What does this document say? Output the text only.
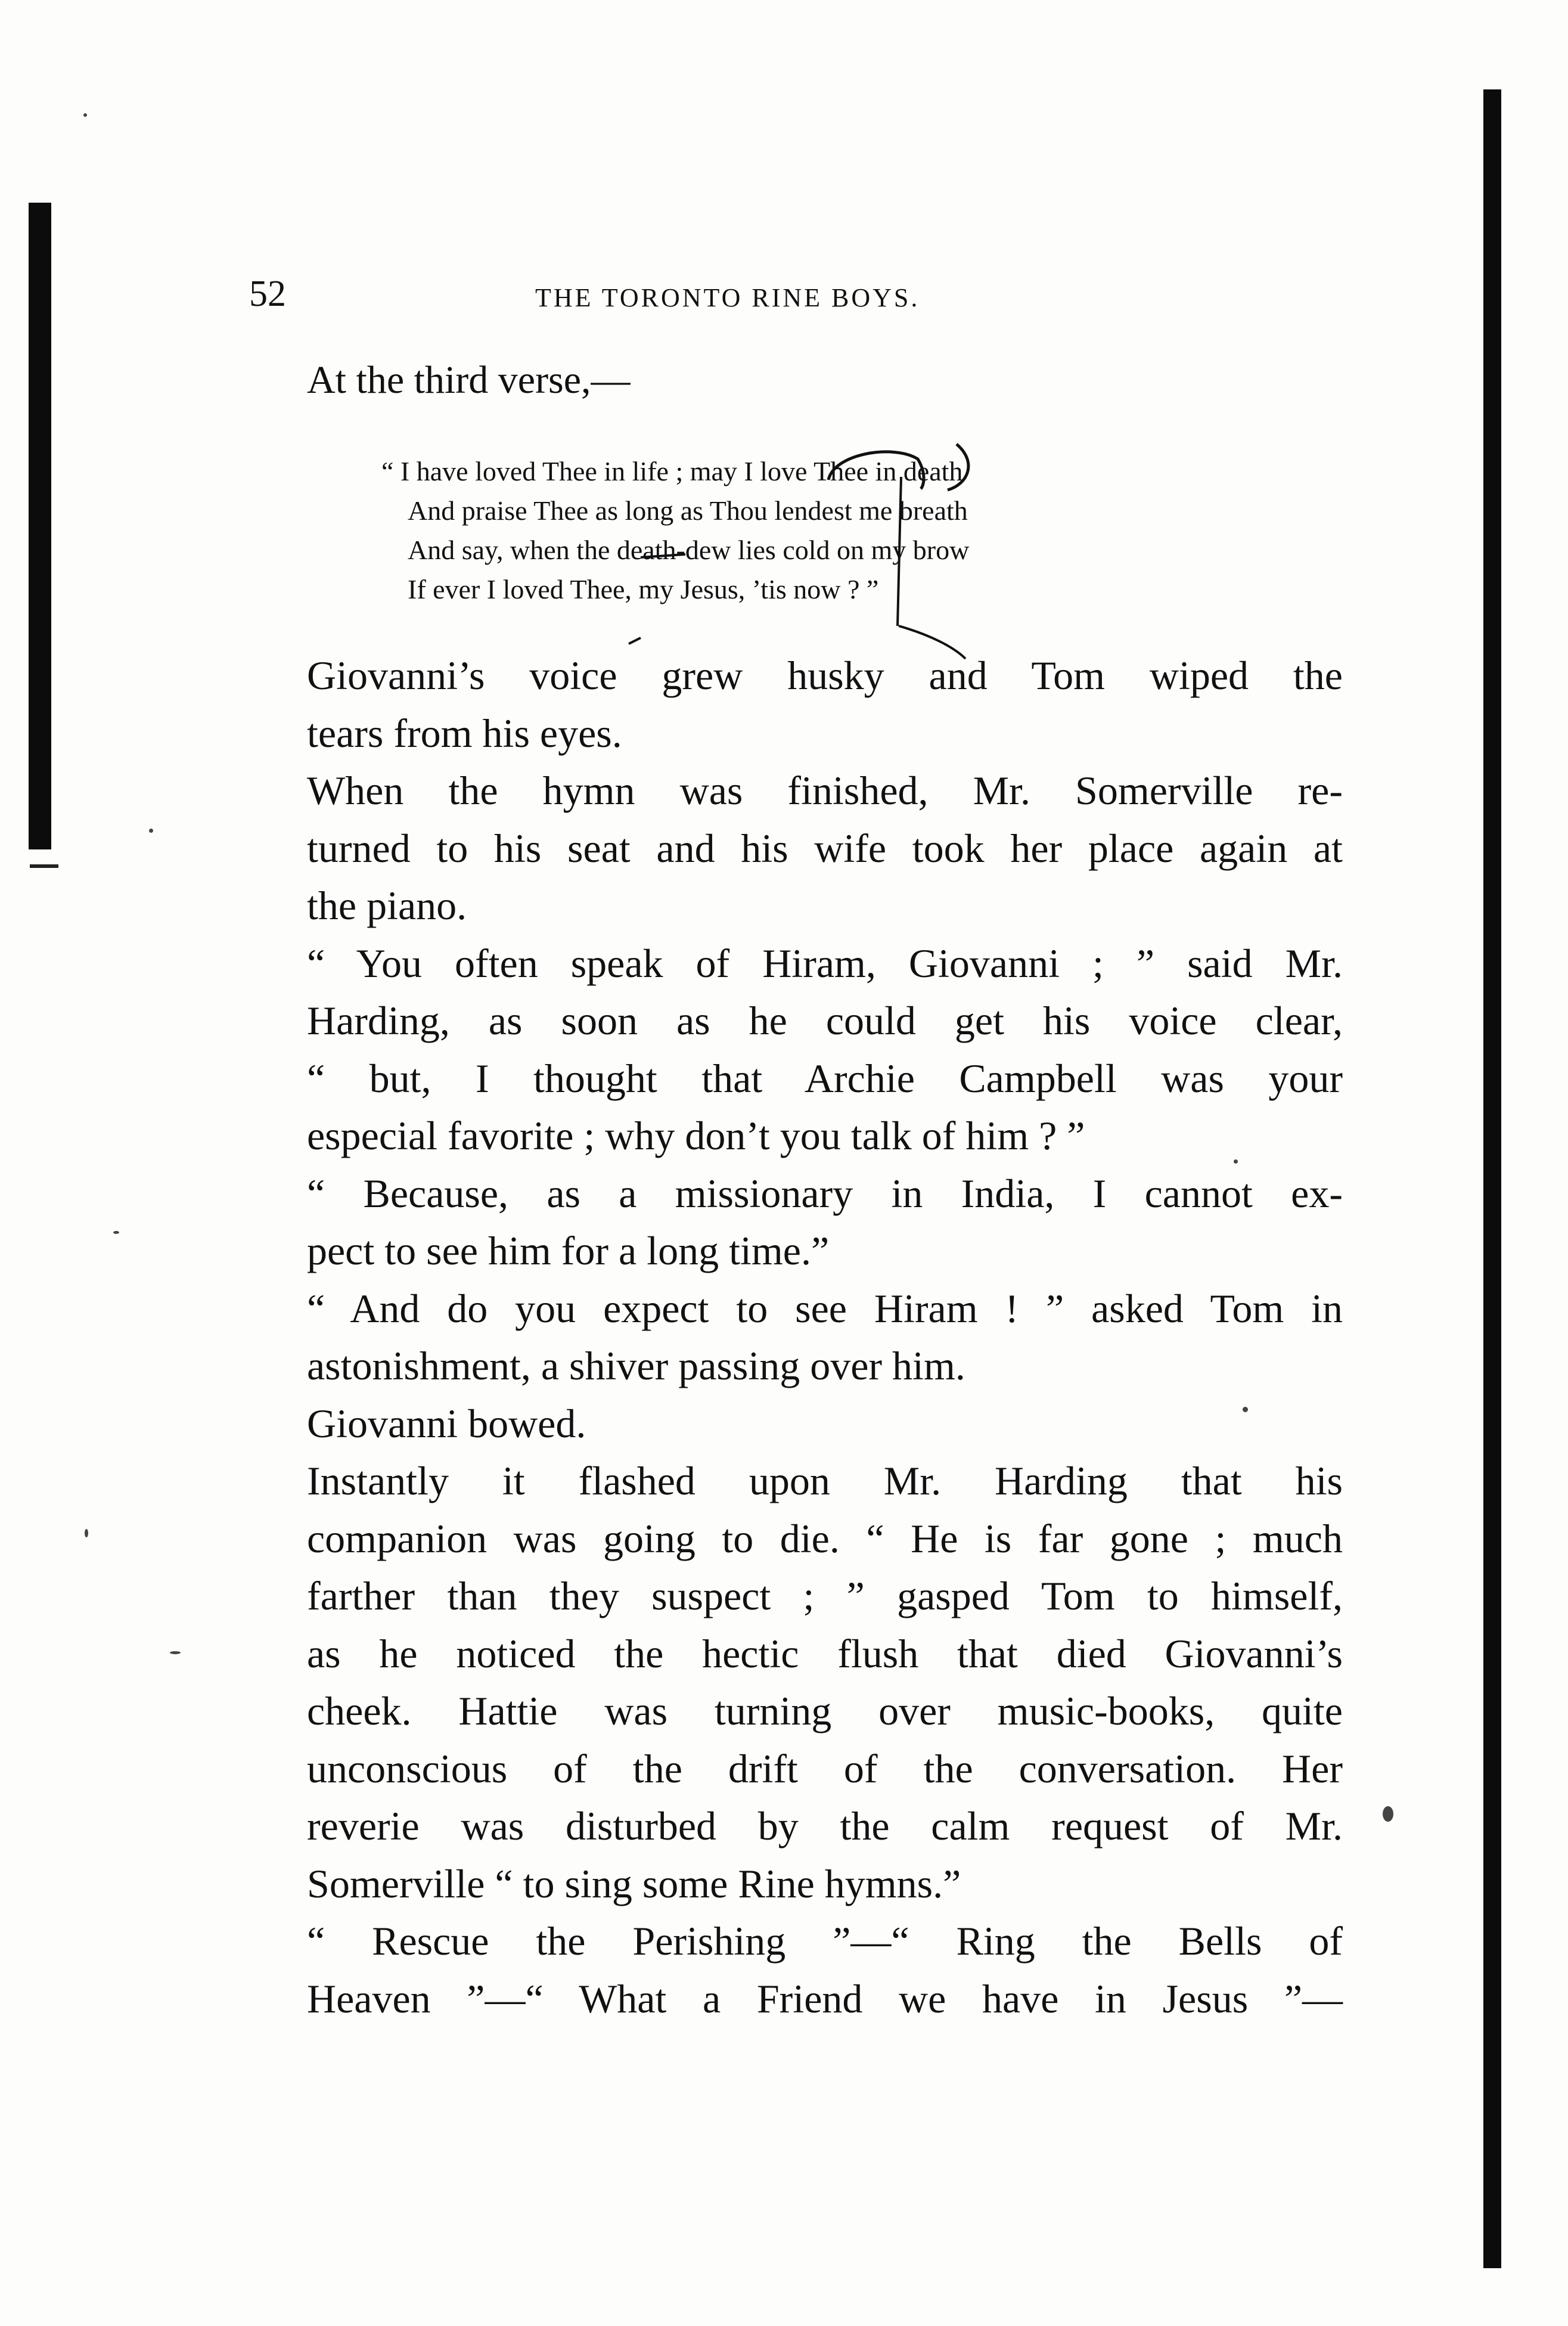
52	THE TORONTO RINE BOYS.
At the third verse,—
“ I have loved Thee in life ; may I love Thee in death
And praise Thee as long as Thou lendest me breath
And say, when the death-dew lies cold on my brow
If ever I loved Thee, my Jesus, ’tis now ? ”

Giovanni’s voice grew husky and Tom wiped the
tears from his eyes.

When the hymn was finished, Mr. Somerville re-
turned to his seat and his wife took her place again at
the piano.

“ You often speak of Hiram, Giovanni ; ” said Mr.
Harding, as soon as he could get his voice clear,
“ but, I thought that Archie Campbell was your
especial favorite ; why don’t you talk of him ? ”

“ Because, as a missionary in India, I cannot ex-
pect to see him for a long time.”

“ And do you expect to see Hiram ! ” asked Tom in
astonishment, a shiver passing over him.

Giovanni bowed.

Instantly it flashed upon Mr. Harding that his
companion was going to die. “ He is far gone ; much
farther than they suspect ; ” gasped Tom to himself,
as he noticed the hectic flush that died Giovanni’s
cheek. Hattie was turning over music-books, quite
unconscious of the drift of the conversation. Her
reverie was disturbed by the calm request of Mr.
Somerville “ to sing some Rine hymns.”

“ Rescue the Perishing ”—“ Ring the Bells of
Heaven ”—“ What a Friend we have in Jesus ”—
